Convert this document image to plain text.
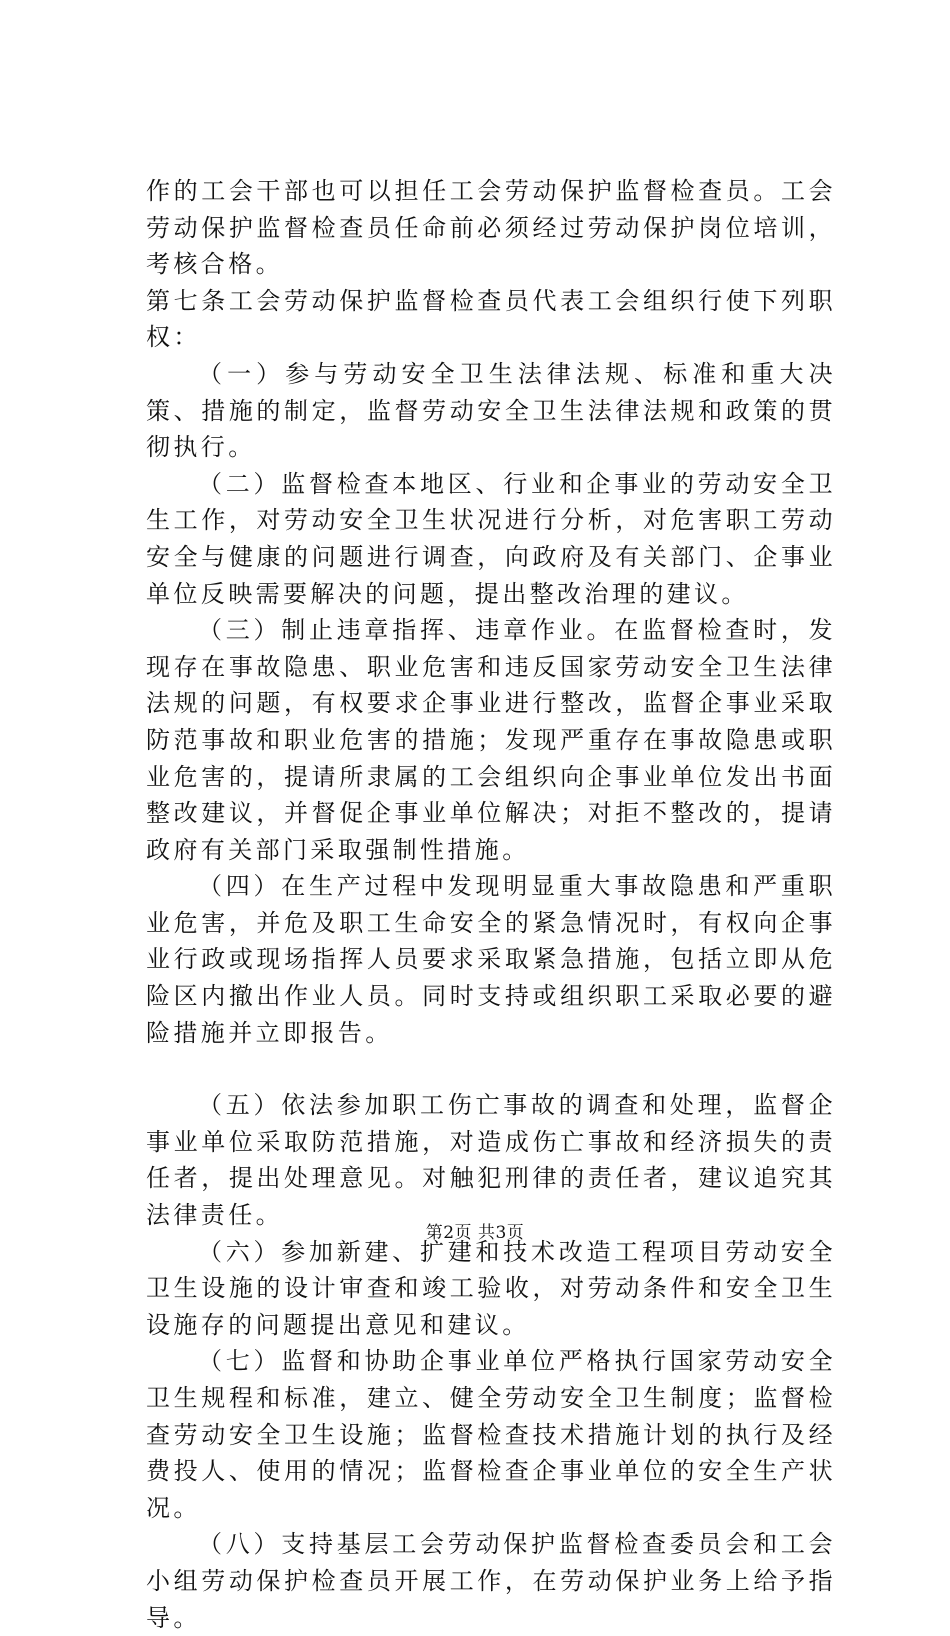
作的工会干部也可以担任工会劳动保护监督检查员。工会劳动保护监督检查员任命前必须经过劳动保护岗位培训，考核合格。

第七条工会劳动保护监督检查员代表工会组织行使下列职权：

（一）参与劳动安全卫生法律法规、标准和重大决策、措施的制定，监督劳动安全卫生法律法规和政策的贯彻执行。

（二）监督检查本地区、行业和企事业的劳动安全卫生工作，对劳动安全卫生状况进行分析，对危害职工劳动安全与健康的问题进行调查，向政府及有关部门、企事业单位反映需要解决的问题，提出整改治理的建议。

（三）制止违章指挥、违章作业。在监督检查时，发现存在事故隐患、职业危害和违反国家劳动安全卫生法律法规的问题，有权要求企事业进行整改，监督企事业采取防范事故和职业危害的措施；发现严重存在事故隐患或职业危害的，提请所隶属的工会组织向企事业单位发出书面整改建议，并督促企事业单位解决；对拒不整改的，提请政府有关部门采取强制性措施。

（四）在生产过程中发现明显重大事故隐患和严重职业危害，并危及职工生命安全的紧急情况时，有权向企事业行政或现场指挥人员要求采取紧急措施，包括立即从危险区内撤出作业人员。同时支持或组织职工采取必要的避险措施并立即报告。

（五）依法参加职工伤亡事故的调查和处理，监督企事业单位采取防范措施，对造成伤亡事故和经济损失的责任者，提出处理意见。对触犯刑律的责任者，建议追究其法律责任。

（六）参加新建、扩建和技术改造工程项目劳动安全卫生设施的设计审查和竣工验收，对劳动条件和安全卫生设施存的问题提出意见和建议。

（七）监督和协助企事业单位严格执行国家劳动安全卫生规程和标准，建立、健全劳动安全卫生制度；监督检查劳动安全卫生设施；监督检查技术措施计划的执行及经费投人、使用的情况；监督检查企事业单位的安全生产状况。

（八）支持基层工会劳动保护监督检查委员会和工会小组劳动保护检查员开展工作，在劳动保护业务上给予指导。

第2页 共3页
